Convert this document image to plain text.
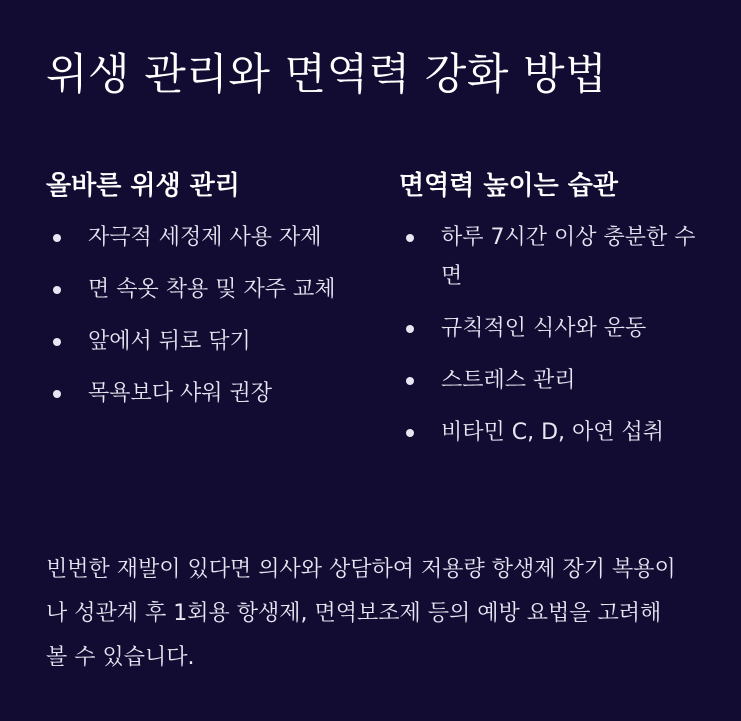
위생 관리와 면역력 강화 방법
올바른 위생 관리
자극적 세정제 사용 자제
면 속옷 착용 및 자주 교체
앞에서 뒤로 닦기
목욕보다 샤워 권장
면역력 높이는 습관
하루 7시간 이상 충분한 수면
규칙적인 식사와 운동
스트레스 관리
비타민 C, D, 아연 섭취

빈번한 재발이 있다면 의사와 상담하여 저용량 항생제 장기 복용이나 성관계 후 1회용 항생제, 면역보조제 등의 예방 요법을 고려해볼 수 있습니다.
